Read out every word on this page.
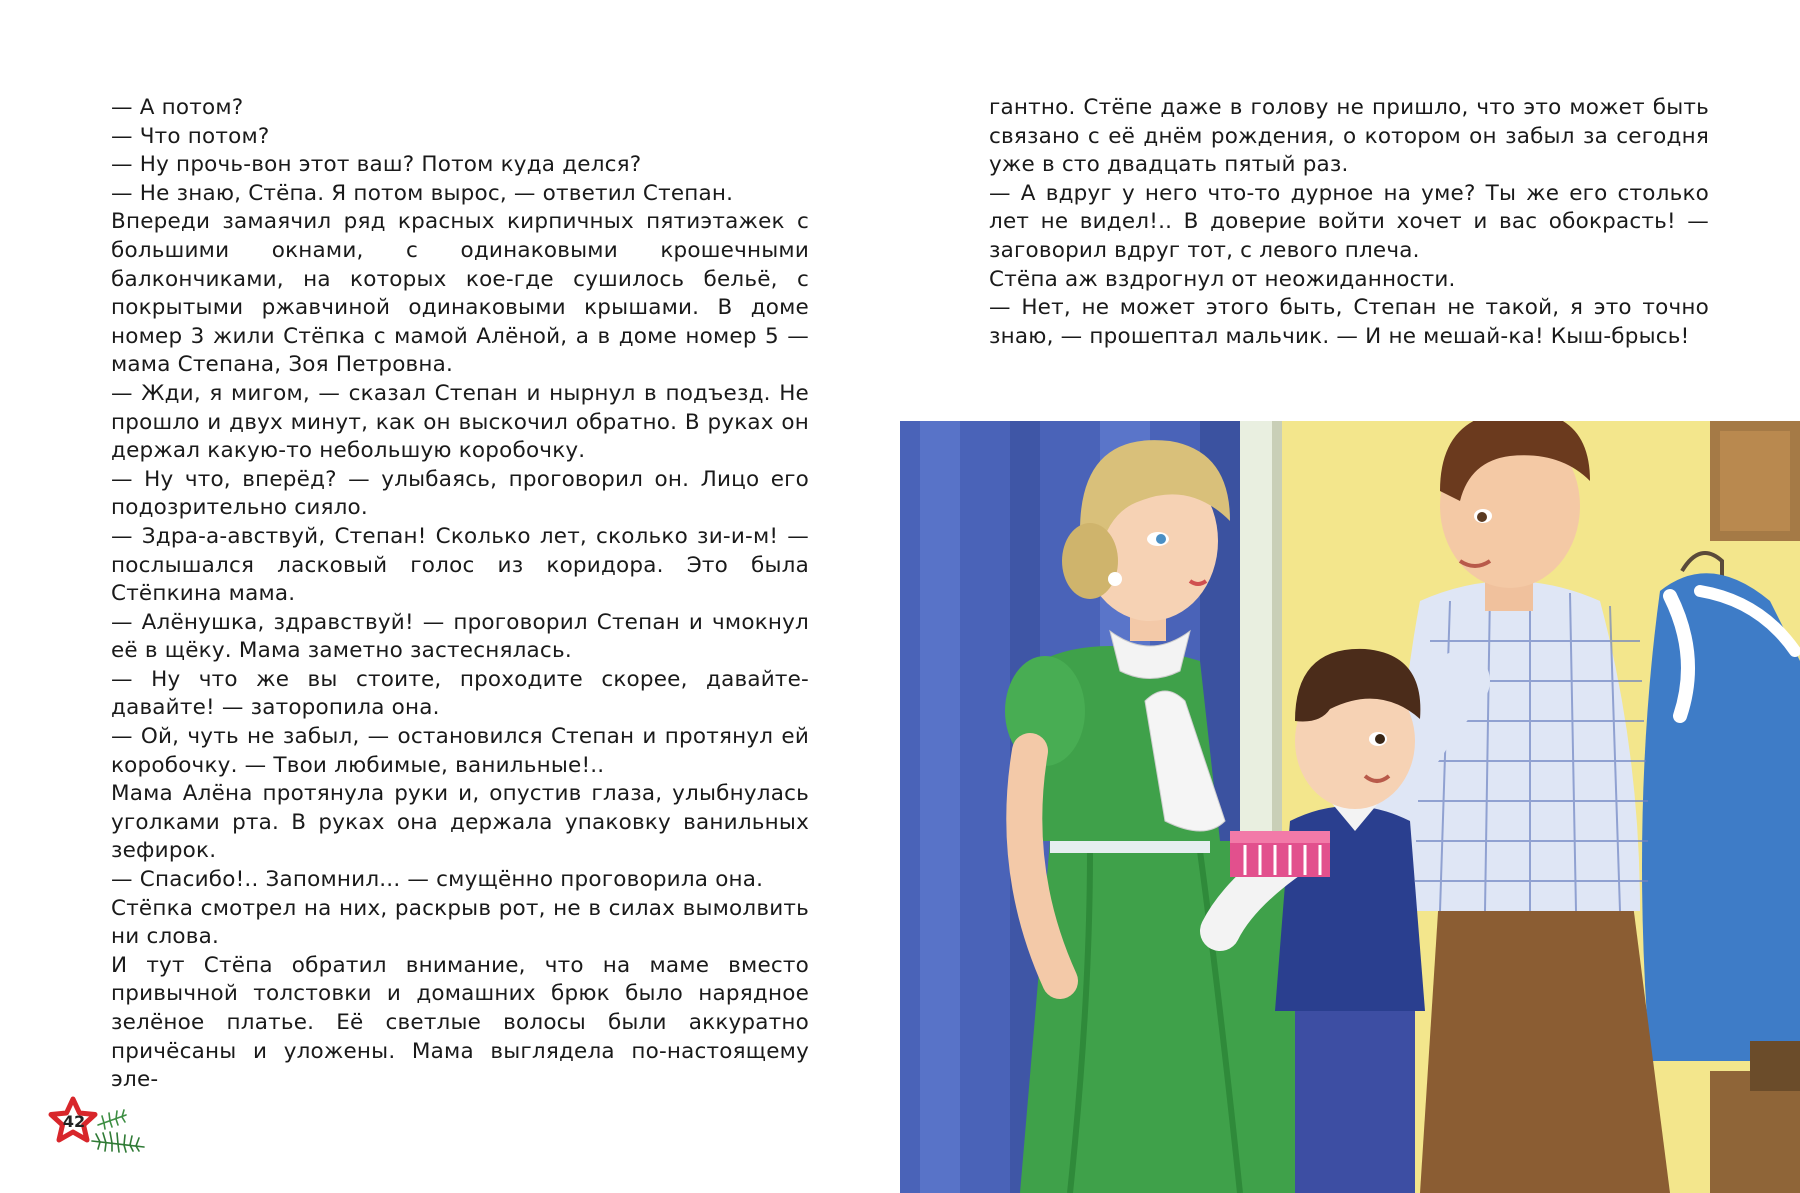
— А потом?

— Что потом?

— Ну прочь-вон этот ваш? Потом куда делся?

— Не знаю, Стёпа. Я потом вырос, — ответил Степан.

Впереди замаячил ряд красных кирпичных пятиэтажек с большими окнами, с одинаковыми крошечными балкончиками, на которых кое-где сушилось бельё, с покрытыми ржавчиной одинаковыми крышами. В доме номер 3 жили Стёпка с мамой Алёной, а в доме номер 5 — мама Степана, Зоя Петровна.

— Жди, я мигом, — сказал Степан и нырнул в подъезд. Не прошло и двух минут, как он выскочил обратно. В руках он держал какую-то небольшую коробочку.

— Ну что, вперёд? — улыбаясь, проговорил он. Лицо его подозрительно сияло.

— Здра-а-авствуй, Степан! Сколько лет, сколько зи-и-м! — послышался ласковый голос из коридора. Это была Стёпкина мама.

— Алёнушка, здравствуй! — проговорил Степан и чмокнул её в щёку. Мама заметно застеснялась.

— Ну что же вы стоите, проходите скорее, давайте-давайте! — заторопила она.

— Ой, чуть не забыл, — остановился Степан и протянул ей коробочку. — Твои любимые, ванильные!..

Мама Алёна протянула руки и, опустив глаза, улыбнулась уголками рта. В руках она держала упаковку ванильных зефирок.

— Спасибо!.. Запомнил... — смущённо проговорила она.

Стёпка смотрел на них, раскрыв рот, не в силах вымолвить ни слова.

И тут Стёпа обратил внимание, что на маме вместо привычной толстовки и домашних брюк было нарядное зелёное платье. Её светлые волосы были аккуратно причёсаны и уложены. Мама выглядела по-настоящему эле-

42

гантно. Стёпе даже в голову не пришло, что это может быть связано с её днём рождения, о котором он забыл за сегодня уже в сто двадцать пятый раз.

— А вдруг у него что-то дурное на уме? Ты же его столько лет не видел!.. В доверие войти хочет и вас обокрасть! — заговорил вдруг тот, с левого плеча.

Стёпа аж вздрогнул от неожиданности.

— Нет, не может этого быть, Степан не такой, я это точно знаю, — прошептал мальчик. — И не мешай-ка! Кыш-брысь!
